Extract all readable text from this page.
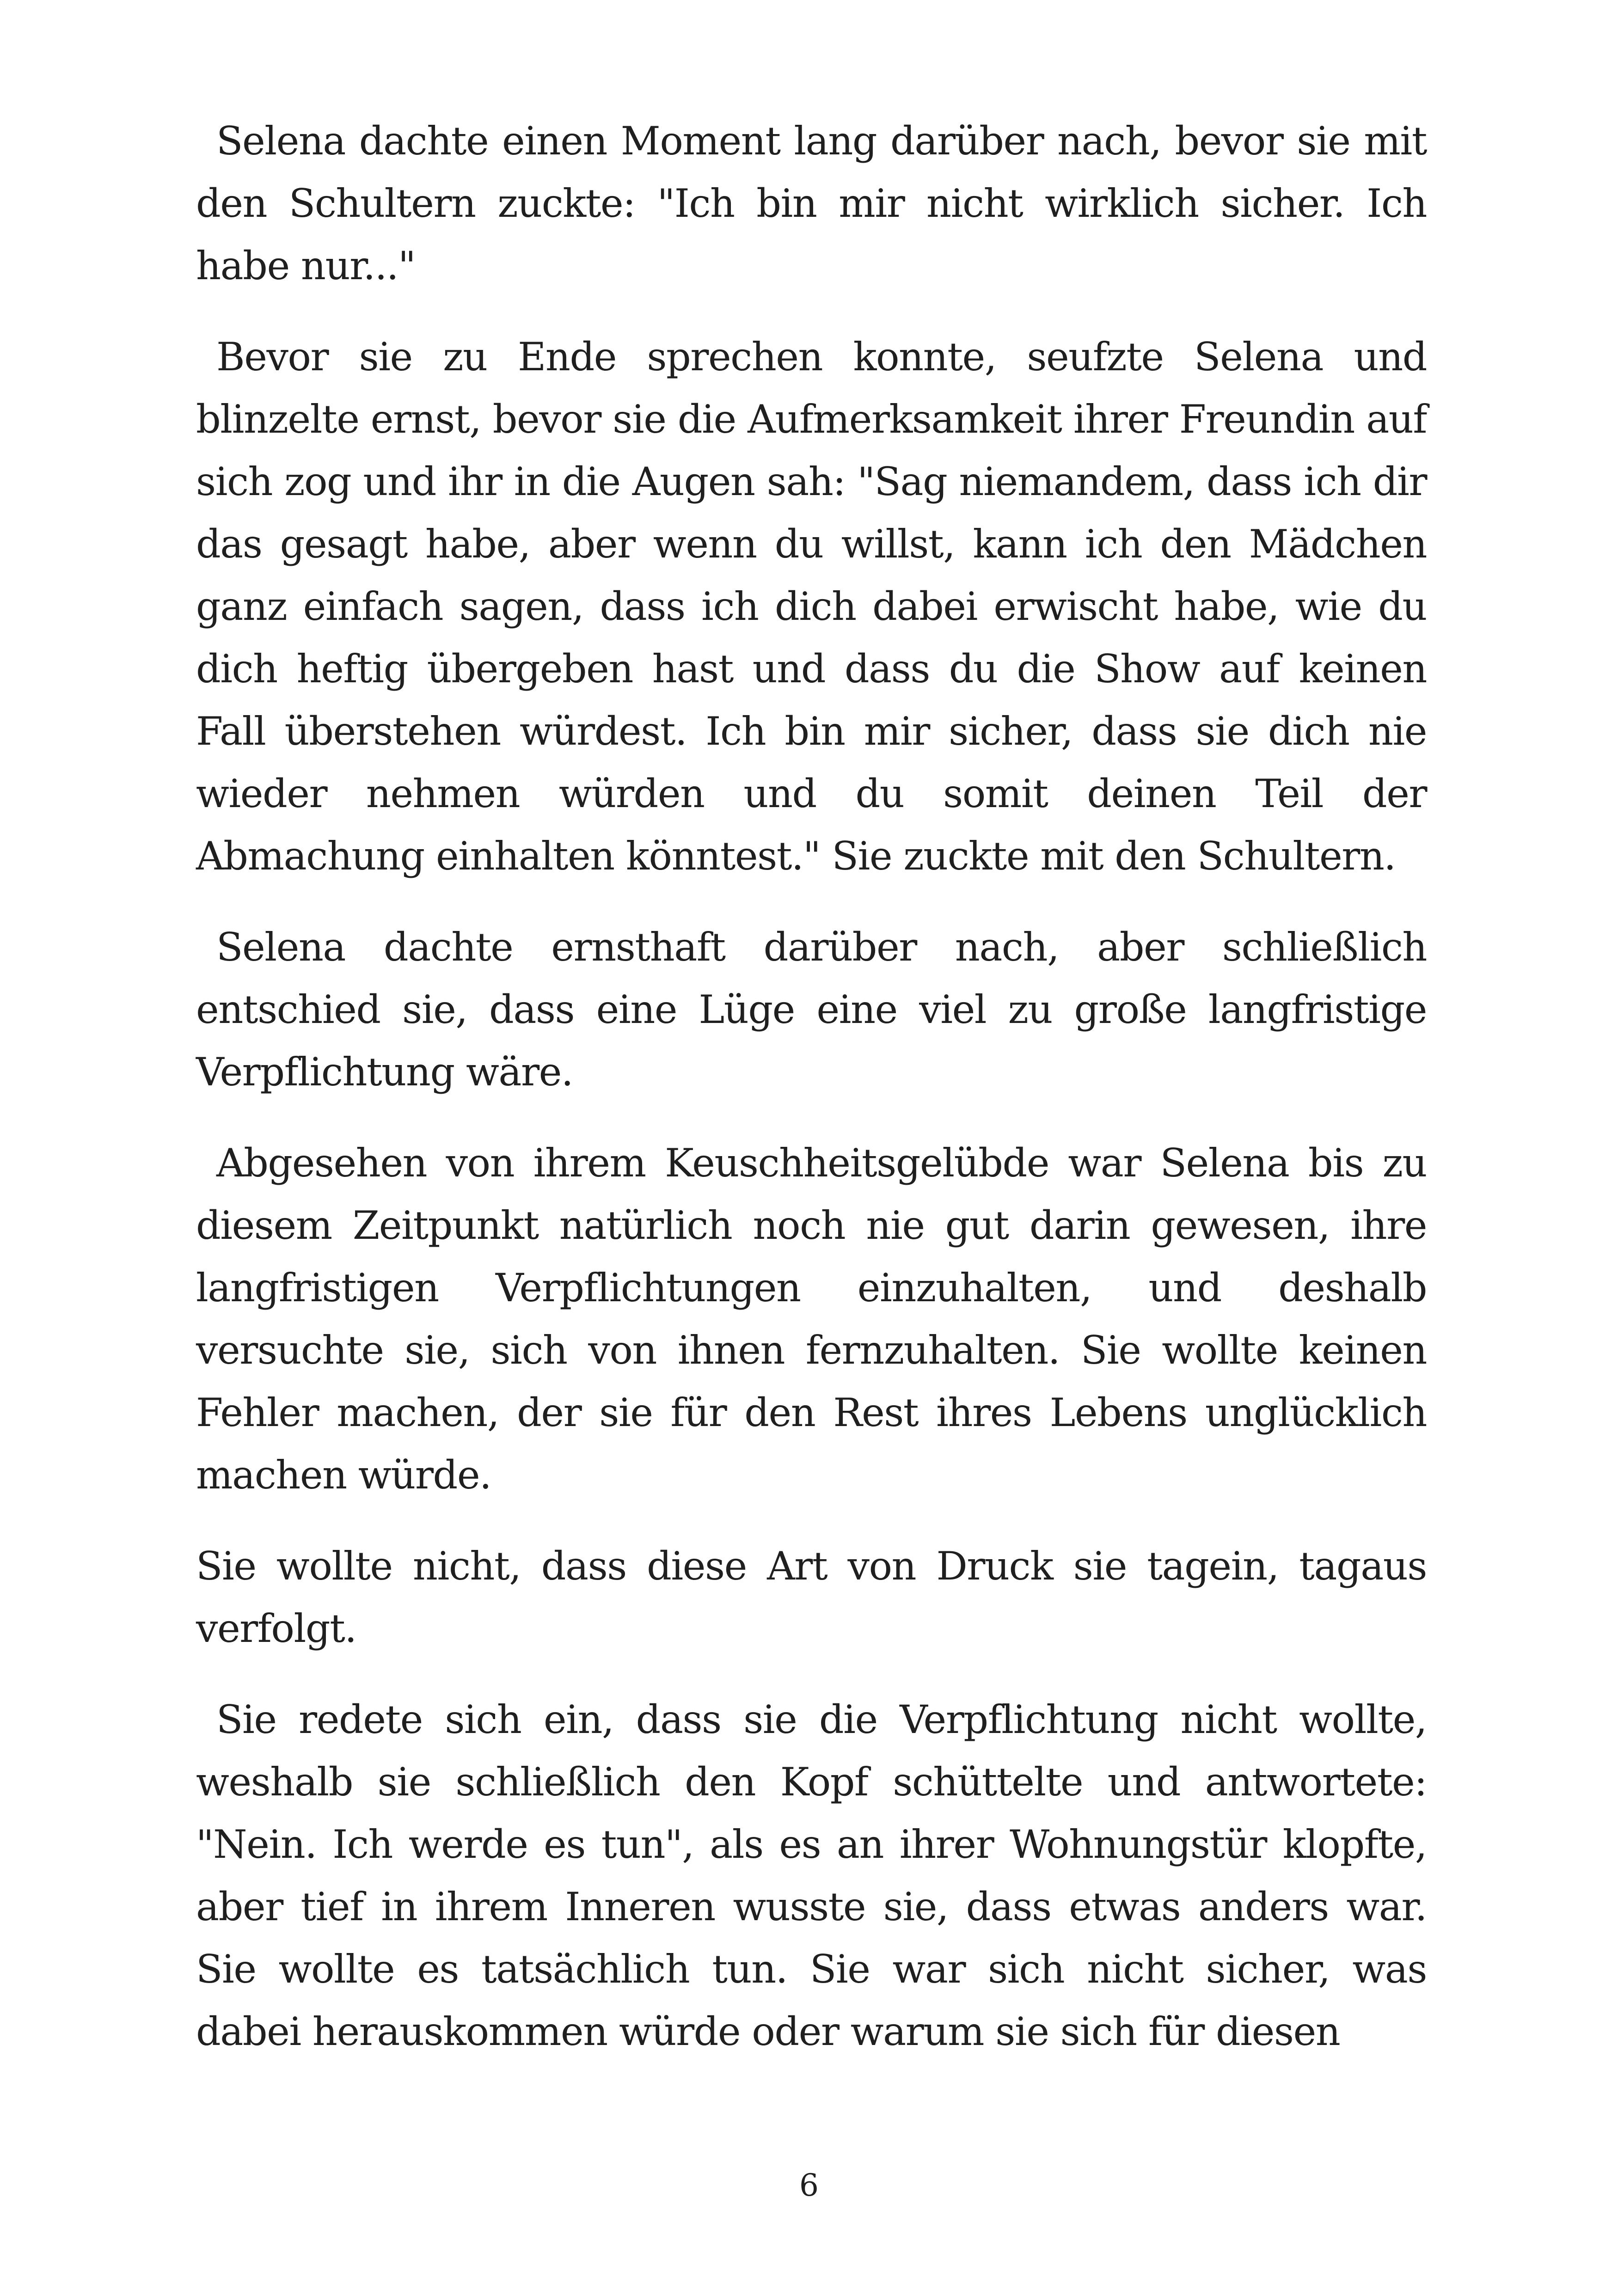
Selena dachte einen Moment lang darüber nach, bevor sie mit den Schultern zuckte: "Ich bin mir nicht wirklich sicher. Ich habe nur..."

Bevor sie zu Ende sprechen konnte, seufzte Selena und blinzelte ernst, bevor sie die Aufmerksamkeit ihrer Freundin auf sich zog und ihr in die Augen sah: "Sag niemandem, dass ich dir das gesagt habe, aber wenn du willst, kann ich den Mädchen ganz einfach sagen, dass ich dich dabei erwischt habe, wie du dich heftig übergeben hast und dass du die Show auf keinen Fall überstehen würdest. Ich bin mir sicher, dass sie dich nie wieder nehmen würden und du somit deinen Teil der Abmachung einhalten könntest." Sie zuckte mit den Schultern.

Selena dachte ernsthaft darüber nach, aber schließlich entschied sie, dass eine Lüge eine viel zu große langfristige Verpflichtung wäre.

Abgesehen von ihrem Keuschheitsgelübde war Selena bis zu diesem Zeitpunkt natürlich noch nie gut darin gewesen, ihre langfristigen Verpflichtungen einzuhalten, und deshalb versuchte sie, sich von ihnen fernzuhalten. Sie wollte keinen Fehler machen, der sie für den Rest ihres Lebens unglücklich machen würde.

Sie wollte nicht, dass diese Art von Druck sie tagein, tagaus verfolgt.

Sie redete sich ein, dass sie die Verpflichtung nicht wollte, weshalb sie schließlich den Kopf schüttelte und antwortete: "Nein. Ich werde es tun", als es an ihrer Wohnungstür klopfte, aber tief in ihrem Inneren wusste sie, dass etwas anders war. Sie wollte es tatsächlich tun. Sie war sich nicht sicher, was dabei herauskommen würde oder warum sie sich für diesen

6
